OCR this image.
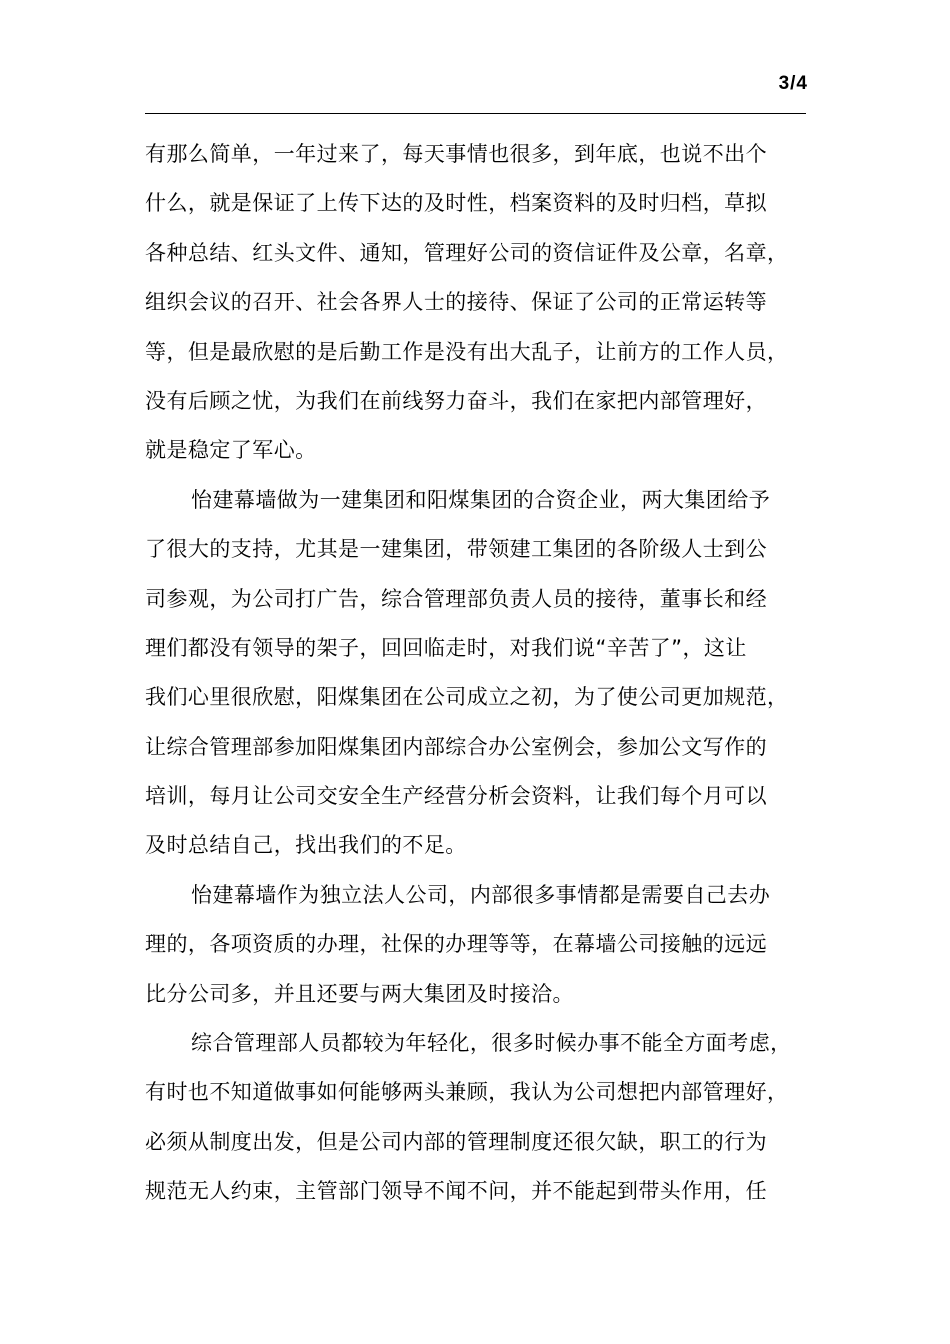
3/4
有那么简单，一年过来了，每天事情也很多，到年底，也说不出个
什么，就是保证了上传下达的及时性，档案资料的及时归档，草拟
各种总结、红头文件、通知，管理好公司的资信证件及公章，名章，
组织会议的召开、社会各界人士的接待、保证了公司的正常运转等
等，但是最欣慰的是后勤工作是没有出大乱子，让前方的工作人员，
没有后顾之忧，为我们在前线努力奋斗，我们在家把内部管理好，
就是稳定了军心。
怡建幕墙做为一建集团和阳煤集团的合资企业，两大集团给予
了很大的支持，尤其是一建集团，带领建工集团的各阶级人士到公
司参观，为公司打广告，综合管理部负责人员的接待，董事长和经
理们都没有领导的架子，回回临走时，对我们说“辛苦了”，这让
我们心里很欣慰，阳煤集团在公司成立之初，为了使公司更加规范，
让综合管理部参加阳煤集团内部综合办公室例会，参加公文写作的
培训，每月让公司交安全生产经营分析会资料，让我们每个月可以
及时总结自己，找出我们的不足。
怡建幕墙作为独立法人公司，内部很多事情都是需要自己去办
理的，各项资质的办理，社保的办理等等，在幕墙公司接触的远远
比分公司多，并且还要与两大集团及时接洽。
综合管理部人员都较为年轻化，很多时候办事不能全方面考虑，
有时也不知道做事如何能够两头兼顾，我认为公司想把内部管理好，
必须从制度出发，但是公司内部的管理制度还很欠缺，职工的行为
规范无人约束，主管部门领导不闻不问，并不能起到带头作用，任
